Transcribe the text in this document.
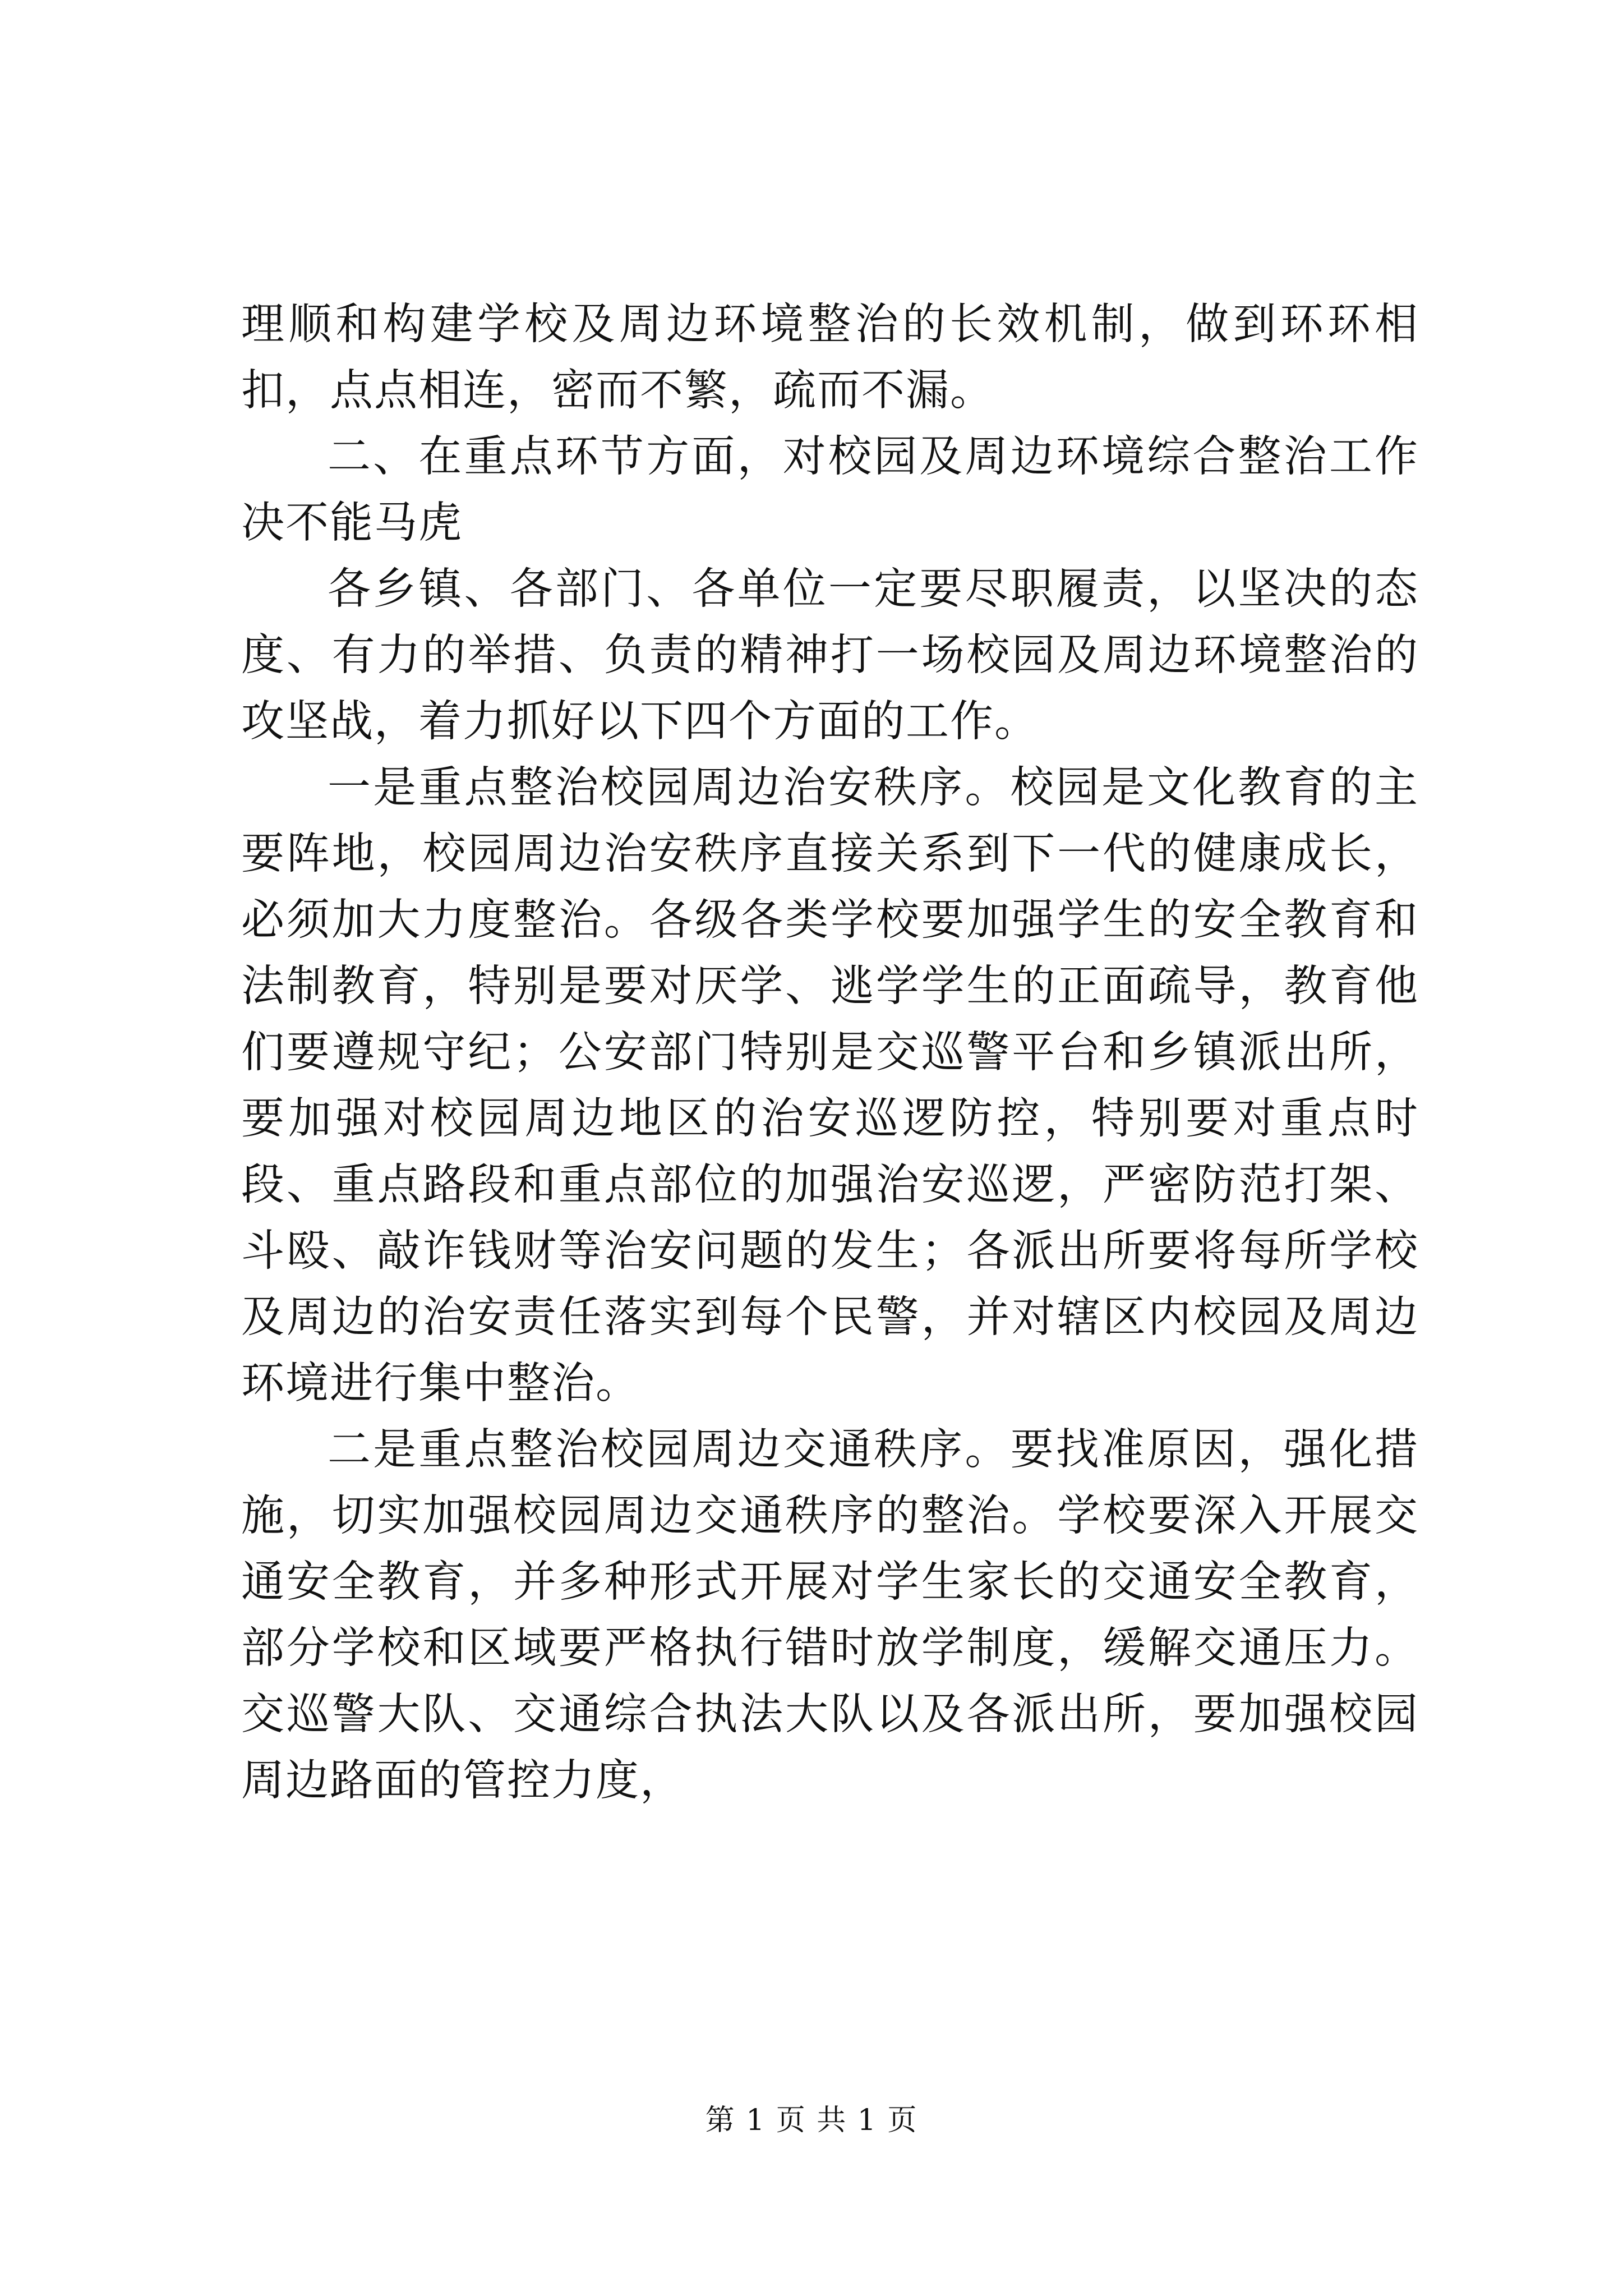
理顺和构建学校及周边环境整治的长效机制，做到环环相扣，点点相连，密而不繁，疏而不漏。

二、在重点环节方面，对校园及周边环境综合整治工作决不能马虎

各乡镇、各部门、各单位一定要尽职履责，以坚决的态度、有力的举措、负责的精神打一场校园及周边环境整治的攻坚战，着力抓好以下四个方面的工作。

一是重点整治校园周边治安秩序。校园是文化教育的主要阵地，校园周边治安秩序直接关系到下一代的健康成长，必须加大力度整治。各级各类学校要加强学生的安全教育和法制教育，特别是要对厌学、逃学学生的正面疏导，教育他们要遵规守纪；公安部门特别是交巡警平台和乡镇派出所，要加强对校园周边地区的治安巡逻防控，特别要对重点时段、重点路段和重点部位的加强治安巡逻，严密防范打架、斗殴、敲诈钱财等治安问题的发生；各派出所要将每所学校及周边的治安责任落实到每个民警，并对辖区内校园及周边环境进行集中整治。

二是重点整治校园周边交通秩序。要找准原因，强化措施，切实加强校园周边交通秩序的整治。学校要深入开展交通安全教育，并多种形式开展对学生家长的交通安全教育，部分学校和区域要严格执行错时放学制度，缓解交通压力。交巡警大队、交通综合执法大队以及各派出所，要加强校园周边路面的管控力度，

第 1 页 共 1 页
